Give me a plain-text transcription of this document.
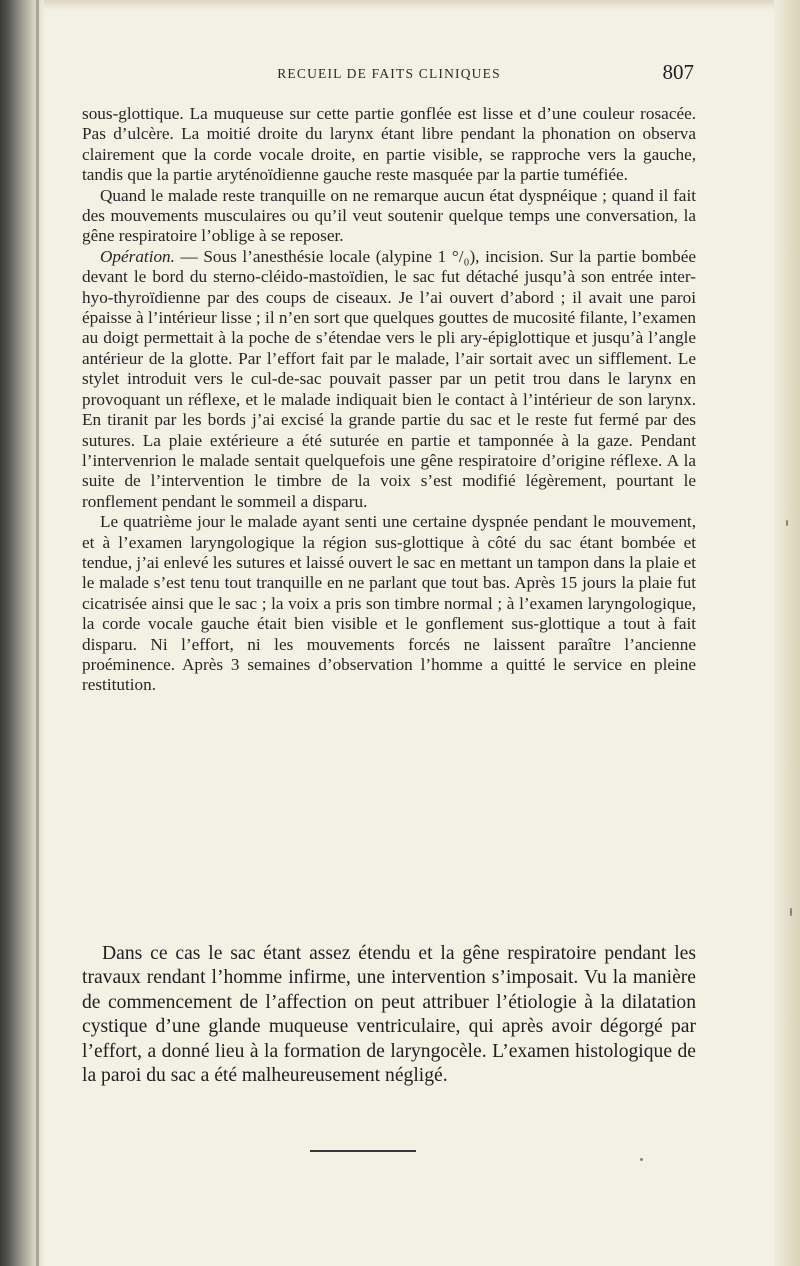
RECUEIL DE FAITS CLINIQUES	807

sous-glottique. La muqueuse sur cette partie gonflée est lisse et d’une couleur rosacée. Pas d’ulcère. La moitié droite du larynx étant libre pendant la phonation on observa clairement que la corde vocale droite, en partie visible, se rapproche vers la gauche, tandis que la partie aryténoïdienne gauche reste masquée par la partie tuméfiée.

Quand le malade reste tranquille on ne remarque aucun état dyspnéique ; quand il fait des mouvements musculaires ou qu’il veut soutenir quelque temps une conversation, la gêne respiratoire l’oblige à se reposer.

Opération. — Sous l’anesthésie locale (alypine 1 °/₀), incision. Sur la partie bombée devant le bord du sterno-cléido-mastoïdien, le sac fut détaché jusqu’à son entrée inter-hyo-thyroïdienne par des coups de ciseaux. Je l’ai ouvert d’abord ; il avait une paroi épaisse à l’intérieur lisse ; il n’en sort que quelques gouttes de mucosité filante, l’examen au doigt permettait à la poche de s’étendae vers le pli ary-épiglottique et jusqu’à l’angle antérieur de la glotte. Par l’effort fait par le malade, l’air sortait avec un sifflement. Le stylet introduit vers le cul-de-sac pouvait passer par un petit trou dans le larynx en provoquant un réflexe, et le malade indiquait bien le contact à l’intérieur de son larynx. En tiranit par les bords j’ai excisé la grande partie du sac et le reste fut fermé par des sutures. La plaie extérieure a été suturée en partie et tamponnée à la gaze. Pendant l’intervenrion le malade sentait quelquefois une gêne respiratoire d’origine réflexe. A la suite de l’intervention le timbre de la voix s’est modifié légèrement, pourtant le ronflement pendant le sommeil a disparu.

Le quatrième jour le malade ayant senti une certaine dyspnée pendant le mouvement, et à l’examen laryngologique la région sus-glottique à côté du sac étant bombée et tendue, j’ai enlevé les sutures et laissé ouvert le sac en mettant un tampon dans la plaie et le malade s’est tenu tout tranquille en ne parlant que tout bas. Après 15 jours la plaie fut cicatrisée ainsi que le sac ; la voix a pris son timbre normal ; à l’examen laryngologique, la corde vocale gauche était bien visible et le gonflement sus-glottique a tout à fait disparu. Ni l’effort, ni les mouvements forcés ne laissent paraître l’ancienne proéminence. Après 3 semaines d’observation l’homme a quitté le service en pleine restitution.

Dans ce cas le sac étant assez étendu et la gêne respiratoire pendant les travaux rendant l’homme infirme, une intervention s’imposait. Vu la manière de commencement de l’affection on peut attribuer l’étiologie à la dilatation cystique d’une glande muqueuse ventriculaire, qui après avoir dégorgé par l’effort, a donné lieu à la formation de laryngocèle. L’examen histologique de la paroi du sac a été malheureusement négligé.
